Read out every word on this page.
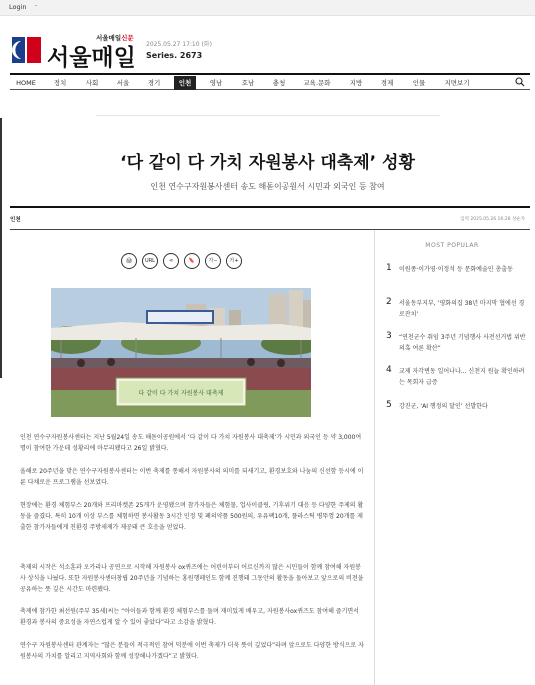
Login -
서울매일신문
서울매일
2025.05.27 17:10 (화)
Series. 2673
HOME	정치	사회	서울	경기	인천	영남	호남	충청	교육.문화	지방	경제	인물	지면보기
‘다 같이 다 가치 자원봉사 대축제’ 성황
인천 연수구자원봉사센터 송도 해돋이공원서 시민과 외국인 등 참여
인천	입력 2025.05.26 16:28 성순자
🖨	URL	⋖	🔖	가−	가+
다 같이 다 가치 자원봉사 대축제
인천 연수구자원봉사센터는 지난 5월24일 송도 해돋이공원에서 ‘다 같이 다 가치 자원봉사 대축제’가 시민과 외국인 등 약 3,000여명이 참여한 가운데 성황리에 마무리됐다고 26일 밝혔다.
올해로 20주년을 맞은 연수구자원봉사센터는 이번 축제를 통해서 자원봉사의 의미를 되새기고, 환경보호와 나눔의 신선함 등시에 이룬 다채로운 프로그램을 선보였다.
현장에는 환경 체험부스 20개와 프리마켓존 25개가 운영됐으며 참가자들은 체험물, 업사이클링, 기후위기 대응 등 다양한 주제의 활동을 즐겼다. 특히 10개 이상 부스를 체험하면 봉사활동 3시간 인정 및 폐의약품 500원의, 우유팩10개, 플라스틱 병뚜껑 20개를 제출한 참가자들에게 친환경 주방세제가 제공돼 큰 호응을 얻었다.
축제의 시작은 석소훈과 오카리나 공연으로 시작해 자원봉사 ox퀴즈에는 어린이부터 어르신까지 많은 시민들이 함께 참여해 자원봉사 상식을 나눴다. 또한 자원봉사센터창립 20주년을 기념하는 홍원행페인도 함께 진행돼 그동안의 활동을 돌아보고 앞으로의 비전을 공유하는 뜻 깊은 시간도 마련됐다.
축제에 참가한 최선원(주부 35세)씨는 “아이들과 함께 환경 체험부스를 돌며 재미있게 배우고, 자원봉사ox퀴즈도 참여해 즐기면서 환경과 봉사의 중요성을 자연스럽게 알 수 있어 좋았다”라고 소감을 밝혔다.
연수구 자원봉사센터 관계자는 “많은 분들이 적극적인 참여 덕분에 이번 축제가 더욱 뜻이 깊었다”라며 앞으로도 다양한 방식으로 자원봉사의 가치를 알리고 지역사회와 함께 성장해나가겠다”고 밝혔다.
MOST POPULAR
1 이원종·이가영·이정석 등 문화예술인 총출동
2 서울동부지부, ‘평화의집 38년 마지막 협에선 경로잔치’
3 “연천군수 취임 3주년 기념행사 사전선거법 위반 의혹 여론 확산”
4 교제 자각변동 일어나나... 신천지 원늘 확인하려는 목회자 급증
5 강진군, ‘AI 행정의 달인’ 선발한다
